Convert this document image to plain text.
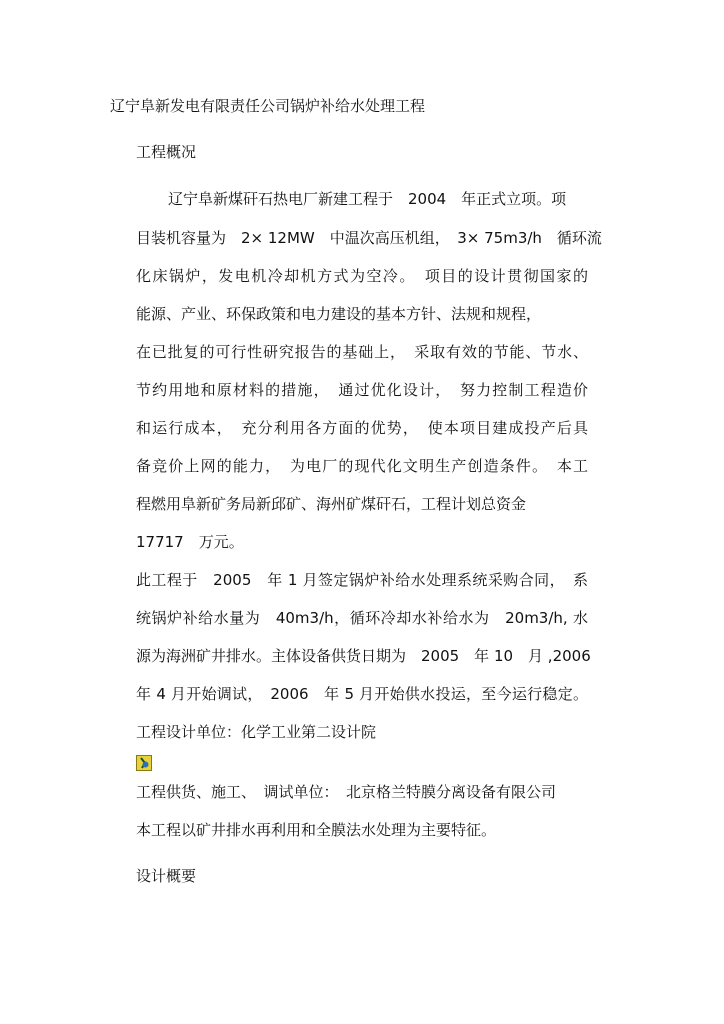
辽宁阜新发电有限责任公司锅炉补给水处理工程

工程概况

辽宁阜新煤矸石热电厂新建工程于　2004　年正式立项。项

目装机容量为　2× 12MW　中温次高压机组，　3× 75m3/h　循环流

化床锅炉，发电机冷却机方式为空冷。　项目的设计贯彻国家的

能源、产业、环保政策和电力建设的基本方针、法规和规程，

在已批复的可行性研究报告的基础上，　采取有效的节能、节水、

节约用地和原材料的措施，　通过优化设计，　努力控制工程造价

和运行成本，　充分利用各方面的优势，　使本项目建成投产后具

备竞价上网的能力，　为电厂的现代化文明生产创造条件。　本工

程燃用阜新矿务局新邱矿、海州矿煤矸石，工程计划总资金

17717　万元。

此工程于　2005　年 1 月签定锅炉补给水处理系统采购合同，　系

统锅炉补给水量为　40m3/h，循环冷却水补给水为　20m3/h, 水

源为海洲矿井排水。主体设备供货日期为　2005　年 10　月 ,2006

年 4 月开始调试，　2006　年 5 月开始供水投运，至今运行稳定。

工程设计单位：化学工业第二设计院

工程供货、施工、　调试单位：　北京格兰特膜分离设备有限公司

本工程以矿井排水再利用和全膜法水处理为主要特征。

设计概要
